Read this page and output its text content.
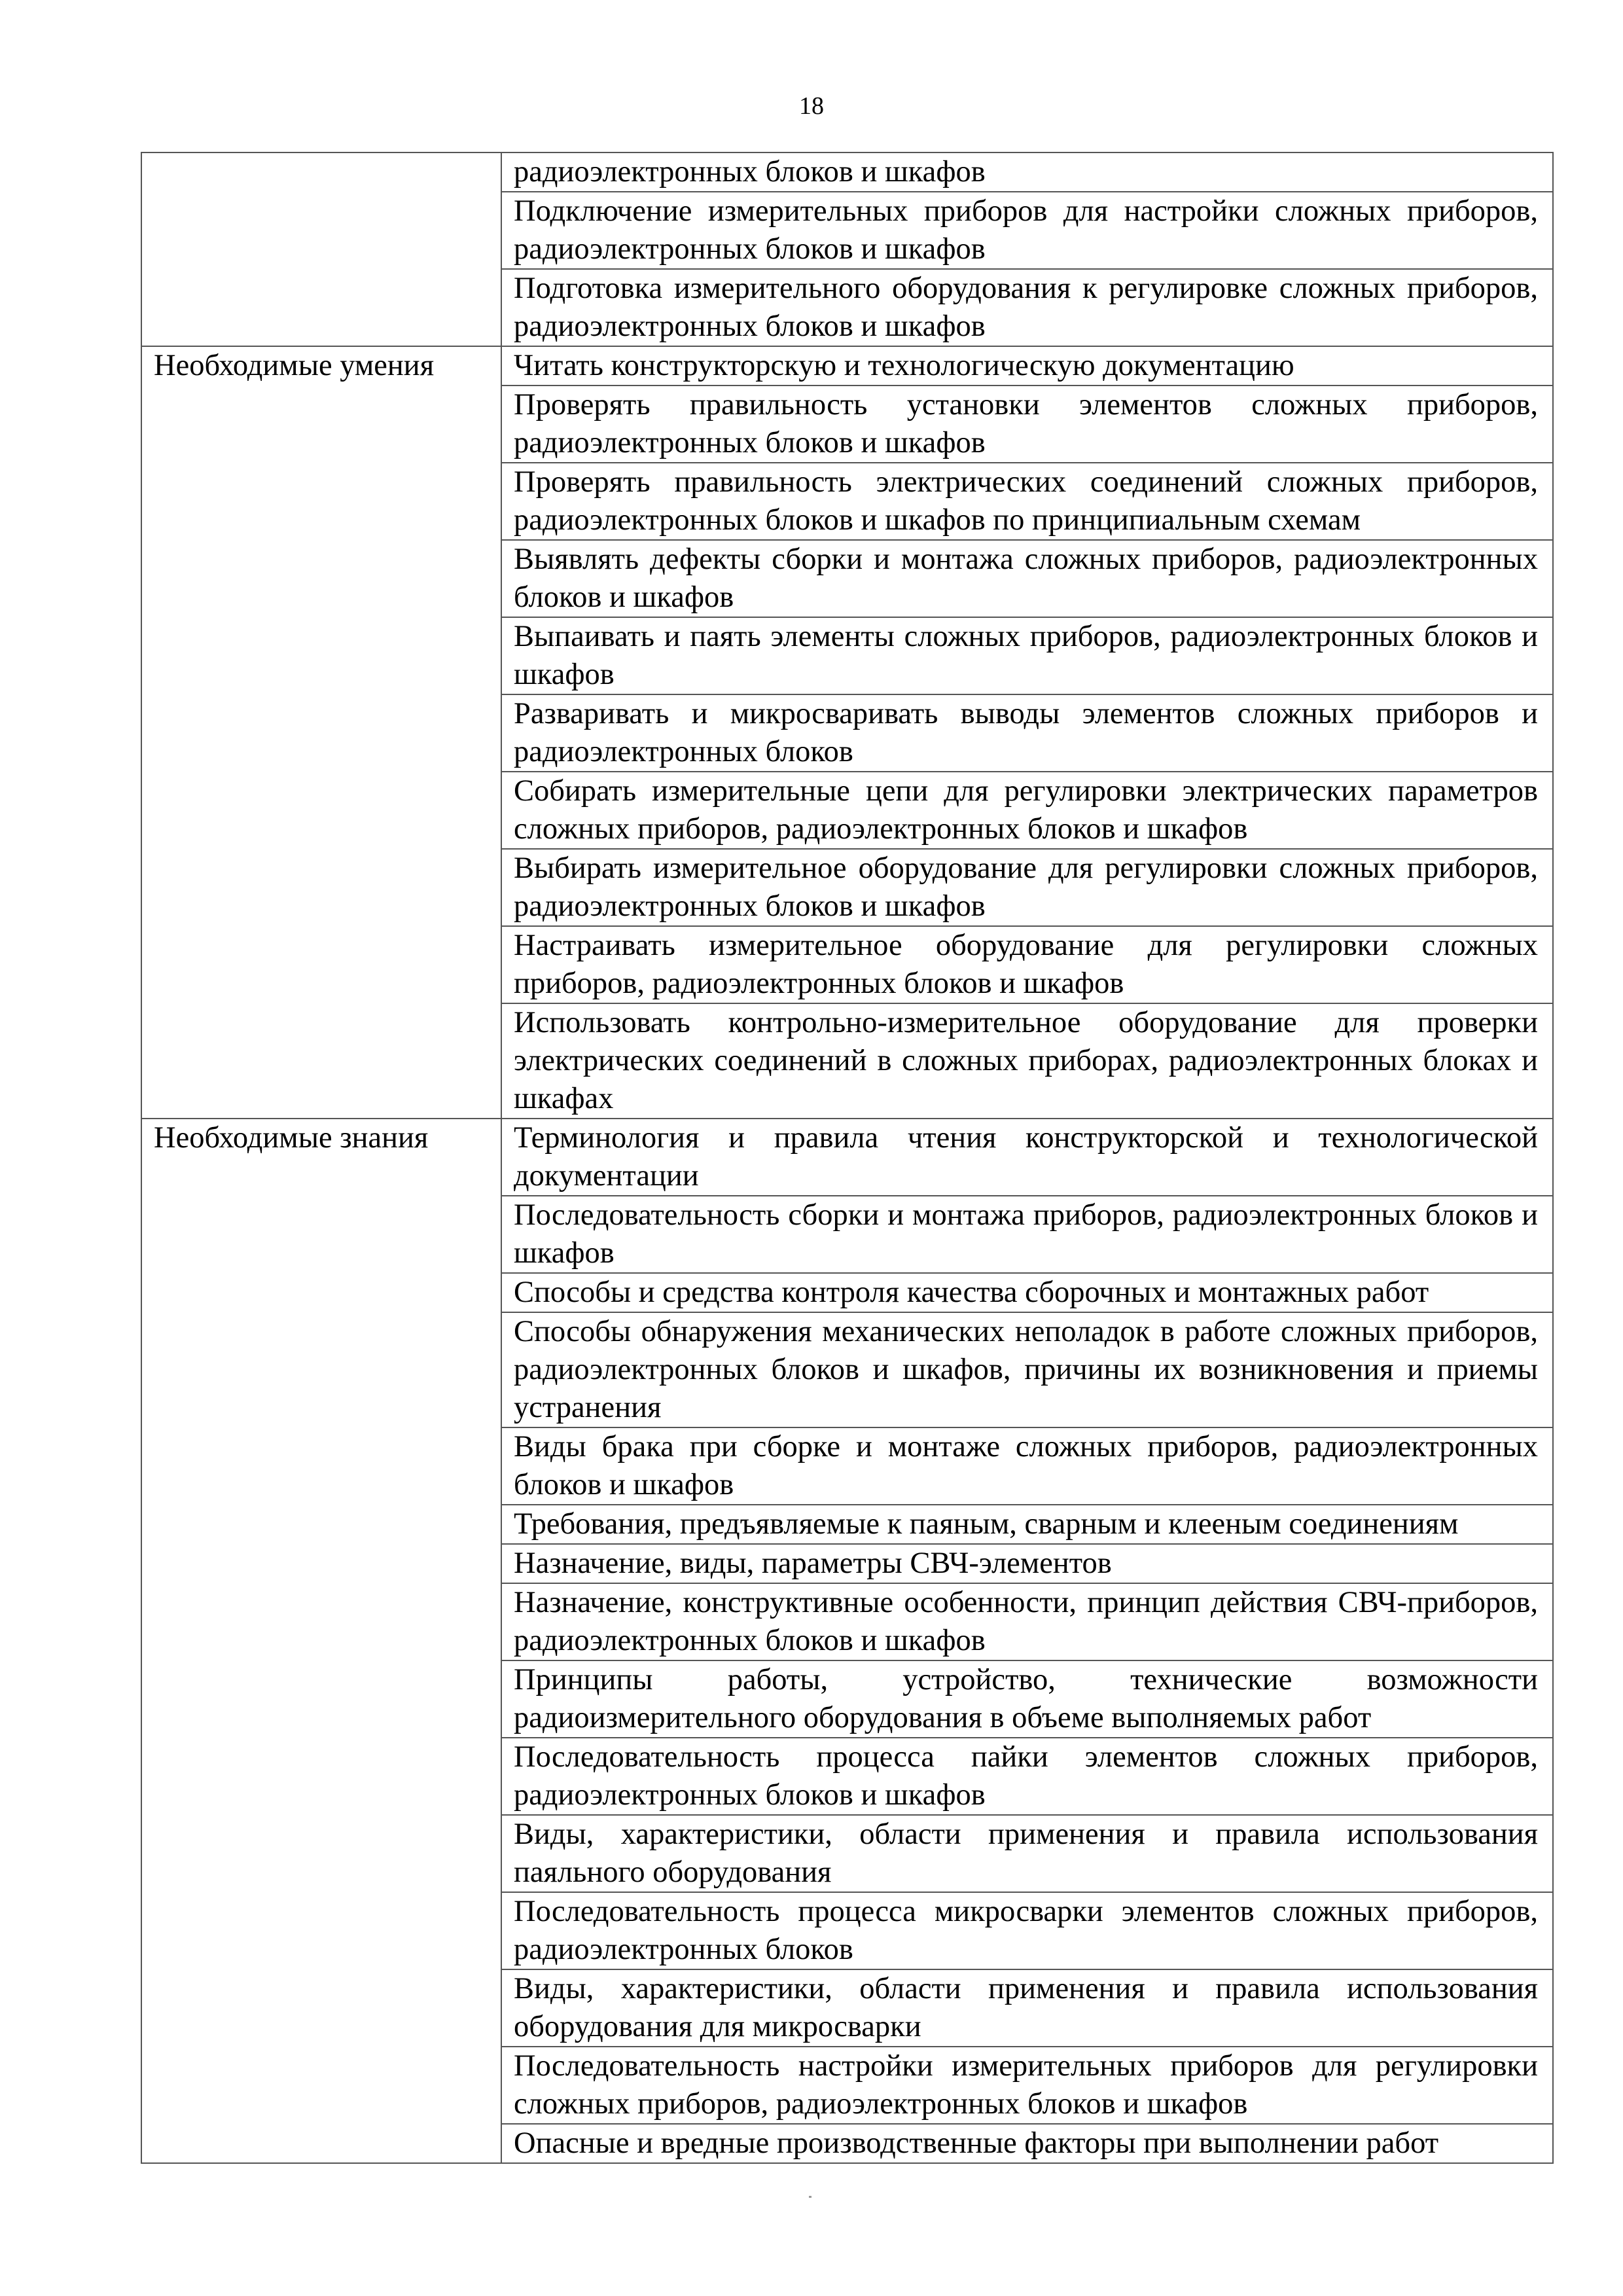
18
	радиоэлектронных блоков и шкафов
	Подключение измерительных приборов для настройки сложных приборов, радиоэлектронных блоков и шкафов
	Подготовка измерительного оборудования к регулировке сложных приборов, радиоэлектронных блоков и шкафов
Необходимые умения	Читать конструкторскую и технологическую документацию
	Проверять правильность установки элементов сложных приборов, радиоэлектронных блоков и шкафов
	Проверять правильность электрических соединений сложных приборов, радиоэлектронных блоков и шкафов по принципиальным схемам
	Выявлять дефекты сборки и монтажа сложных приборов, радиоэлектронных блоков и шкафов
	Выпаивать и паять элементы сложных приборов, радиоэлектронных блоков и шкафов
	Разваривать и микросваривать выводы элементов сложных приборов и радиоэлектронных блоков
	Собирать измерительные цепи для регулировки электрических параметров сложных приборов, радиоэлектронных блоков и шкафов
	Выбирать измерительное оборудование для регулировки сложных приборов, радиоэлектронных блоков и шкафов
	Настраивать измерительное оборудование для регулировки сложных приборов, радиоэлектронных блоков и шкафов
	Использовать контрольно-измерительное оборудование для проверки электрических соединений в сложных приборах, радиоэлектронных блоках и шкафах
Необходимые знания	Терминология и правила чтения конструкторской и технологической документации
	Последовательность сборки и монтажа приборов, радиоэлектронных блоков и шкафов
	Способы и средства контроля качества сборочных и монтажных работ
	Способы обнаружения механических неполадок в работе сложных приборов, радиоэлектронных блоков и шкафов, причины их возникновения и приемы устранения
	Виды брака при сборке и монтаже сложных приборов, радиоэлектронных блоков и шкафов
	Требования, предъявляемые к паяным, сварным и клееным соединениям
	Назначение, виды, параметры СВЧ-элементов
	Назначение, конструктивные особенности, принцип действия СВЧ-приборов, радиоэлектронных блоков и шкафов
	Принципы работы, устройство, технические возможности радиоизмерительного оборудования в объеме выполняемых работ
	Последовательность процесса пайки элементов сложных приборов, радиоэлектронных блоков и шкафов
	Виды, характеристики, области применения и правила использования паяльного оборудования
	Последовательность процесса микросварки элементов сложных приборов, радиоэлектронных блоков
	Виды, характеристики, области применения и правила использования оборудования для микросварки
	Последовательность настройки измерительных приборов для регулировки сложных приборов, радиоэлектронных блоков и шкафов
	Опасные и вредные производственные факторы при выполнении работ
